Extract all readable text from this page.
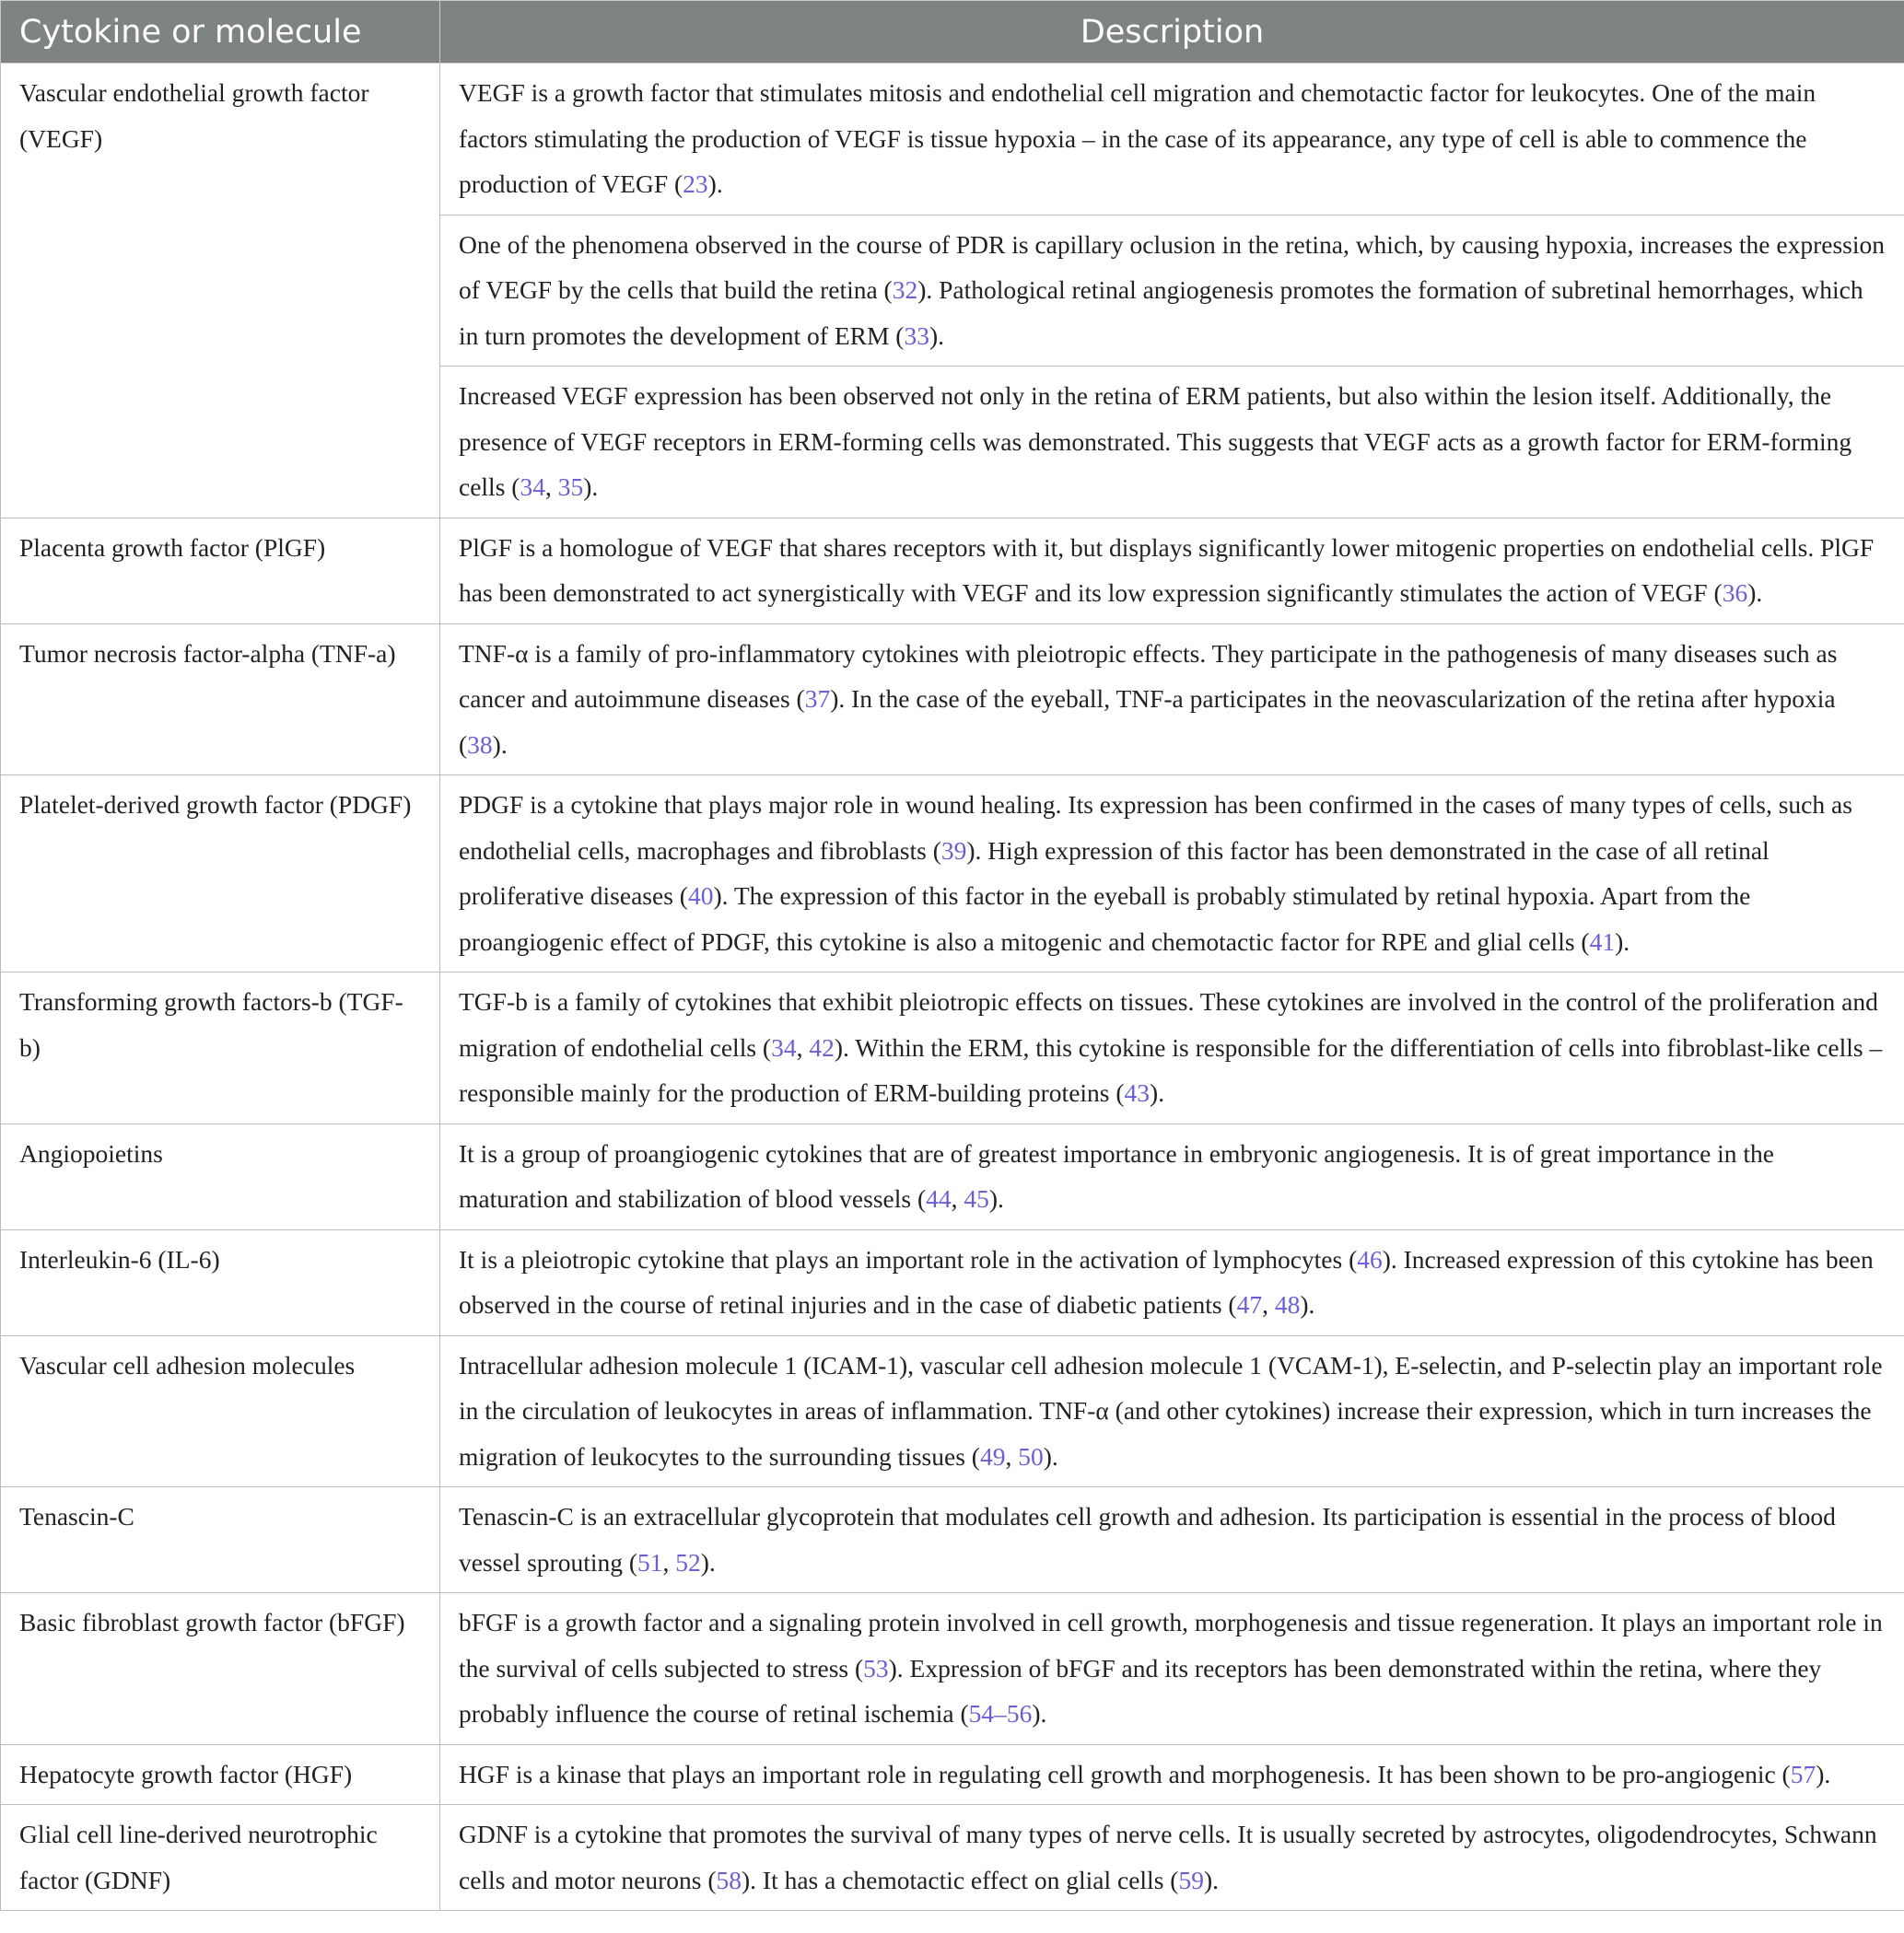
Cytokine or molecule	Description
Vascular endothelial growth factor (VEGF)	VEGF is a growth factor that stimulates mitosis and endothelial cell migration and chemotactic factor for leukocytes. One of the main factors stimulating the production of VEGF is tissue hypoxia – in the case of its appearance, any type of cell is able to commence the production of VEGF (23).
	One of the phenomena observed in the course of PDR is capillary oclusion in the retina, which, by causing hypoxia, increases the expression of VEGF by the cells that build the retina (32). Pathological retinal angiogenesis promotes the formation of subretinal hemorrhages, which in turn promotes the development of ERM (33).
	Increased VEGF expression has been observed not only in the retina of ERM patients, but also within the lesion itself. Additionally, the presence of VEGF receptors in ERM-forming cells was demonstrated. This suggests that VEGF acts as a growth factor for ERM-forming cells (34, 35).
Placenta growth factor (PlGF)	PlGF is a homologue of VEGF that shares receptors with it, but displays significantly lower mitogenic properties on endothelial cells. PlGF has been demonstrated to act synergistically with VEGF and its low expression significantly stimulates the action of VEGF (36).
Tumor necrosis factor-alpha (TNF-a)	TNF-α is a family of pro-inflammatory cytokines with pleiotropic effects. They participate in the pathogenesis of many diseases such as cancer and autoimmune diseases (37). In the case of the eyeball, TNF-a participates in the neovascularization of the retina after hypoxia (38).
Platelet-derived growth factor (PDGF)	PDGF is a cytokine that plays major role in wound healing. Its expression has been confirmed in the cases of many types of cells, such as endothelial cells, macrophages and fibroblasts (39). High expression of this factor has been demonstrated in the case of all retinal proliferative diseases (40). The expression of this factor in the eyeball is probably stimulated by retinal hypoxia. Apart from the proangiogenic effect of PDGF, this cytokine is also a mitogenic and chemotactic factor for RPE and glial cells (41).
Transforming growth factors-b (TGF-b)	TGF-b is a family of cytokines that exhibit pleiotropic effects on tissues. These cytokines are involved in the control of the proliferation and migration of endothelial cells (34, 42). Within the ERM, this cytokine is responsible for the differentiation of cells into fibroblast-like cells – responsible mainly for the production of ERM-building proteins (43).
Angiopoietins	It is a group of proangiogenic cytokines that are of greatest importance in embryonic angiogenesis. It is of great importance in the maturation and stabilization of blood vessels (44, 45).
Interleukin-6 (IL-6)	It is a pleiotropic cytokine that plays an important role in the activation of lymphocytes (46). Increased expression of this cytokine has been observed in the course of retinal injuries and in the case of diabetic patients (47, 48).
Vascular cell adhesion molecules	Intracellular adhesion molecule 1 (ICAM-1), vascular cell adhesion molecule 1 (VCAM-1), E-selectin, and P-selectin play an important role in the circulation of leukocytes in areas of inflammation. TNF-α (and other cytokines) increase their expression, which in turn increases the migration of leukocytes to the surrounding tissues (49, 50).
Tenascin-C	Tenascin-C is an extracellular glycoprotein that modulates cell growth and adhesion. Its participation is essential in the process of blood vessel sprouting (51, 52).
Basic fibroblast growth factor (bFGF)	bFGF is a growth factor and a signaling protein involved in cell growth, morphogenesis and tissue regeneration. It plays an important role in the survival of cells subjected to stress (53). Expression of bFGF and its receptors has been demonstrated within the retina, where they probably influence the course of retinal ischemia (54–56).
Hepatocyte growth factor (HGF)	HGF is a kinase that plays an important role in regulating cell growth and morphogenesis. It has been shown to be pro-angiogenic (57).
Glial cell line-derived neurotrophic factor (GDNF)	GDNF is a cytokine that promotes the survival of many types of nerve cells. It is usually secreted by astrocytes, oligodendrocytes, Schwann cells and motor neurons (58). It has a chemotactic effect on glial cells (59).
